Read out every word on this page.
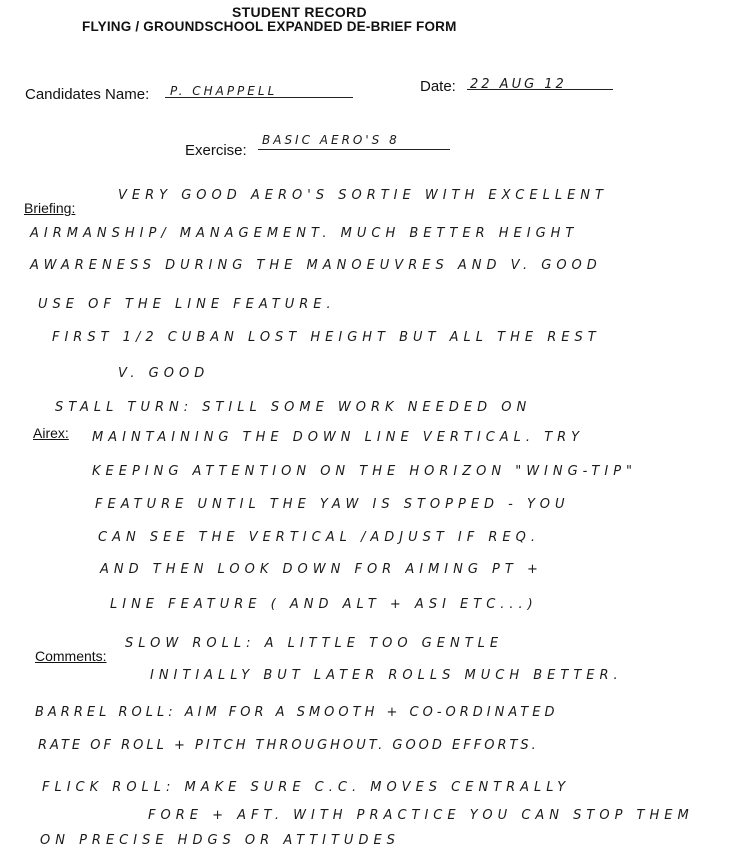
STUDENT RECORD
FLYING / GROUNDSCHOOL EXPANDED DE-BRIEF FORM
Candidates Name: P. CHAPPELL	Date: 22 AUG 12
Exercise:
BASIC AERO'S 8
Briefing:
Airex:
Comments:
VERY GOOD AERO'S SORTIE WITH EXCELLENT
AIRMANSHIP/ MANAGEMENT. MUCH BETTER HEIGHT
AWARENESS DURING THE MANOEUVRES AND V. GOOD
USE OF THE LINE FEATURE.
FIRST 1/2 CUBAN LOST HEIGHT BUT ALL THE REST
V. GOOD
STALL TURN: STILL SOME WORK NEEDED ON
MAINTAINING THE DOWN LINE VERTICAL. TRY
KEEPING ATTENTION ON THE HORIZON "WING-TIP"
FEATURE UNTIL THE YAW IS STOPPED - YOU
CAN SEE THE VERTICAL /ADJUST IF REQ.
AND THEN LOOK DOWN FOR AIMING PT +
LINE FEATURE ( AND ALT + ASI ETC...)
SLOW ROLL: A LITTLE TOO GENTLE
INITIALLY BUT LATER ROLLS MUCH BETTER.
BARREL ROLL: AIM FOR A SMOOTH + CO-ORDINATED
RATE OF ROLL + PITCH THROUGHOUT. GOOD EFFORTS.
FLICK ROLL: MAKE SURE C.C. MOVES CENTRALLY
FORE + AFT. WITH PRACTICE YOU CAN STOP THEM
ON PRECISE HDGS OR ATTITUDES
